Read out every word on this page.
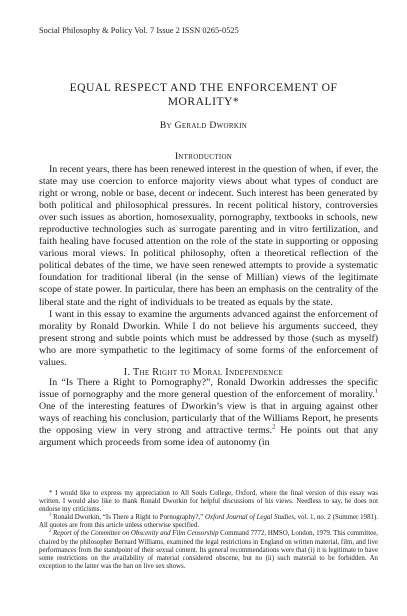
Social Philosophy & Policy Vol. 7 Issue 2 ISSN 0265-0525
EQUAL RESPECT AND THE ENFORCEMENT OF
MORALITY*
By Gerald Dworkin
Introduction

In recent years, there has been renewed interest in the question of when, if ever, the state may use coercion to enforce majority views about what types of conduct are right or wrong, noble or base, decent or indecent. Such interest has been generated by both political and philosophical pressures. In recent political history, controversies over such issues as abortion, homosexuality, pornography, textbooks in schools, new reproductive technologies such as surrogate parenting and in vitro fertilization, and faith healing have focused attention on the role of the state in supporting or opposing various moral views. In political philosophy, often a theoretical reflection of the political debates of the time, we have seen renewed attempts to provide a systematic foundation for traditional liberal (in the sense of Millian) views of the legitimate scope of state power. In particular, there has been an emphasis on the centrality of the liberal state and the right of individuals to be treated as equals by the state.

I want in this essay to examine the arguments advanced against the enforcement of morality by Ronald Dworkin. While I do not believe his arguments succeed, they present strong and subtle points which must be addressed by those (such as myself) who are more sympathetic to the legitimacy of some forms of the enforcement of values.

I. The Right to Moral Independence

In “Is There a Right to Pornography?”, Ronald Dworkin addresses the specific issue of pornography and the more general question of the enforcement of morality.$^1$ One of the interesting features of Dworkin’s view is that in arguing against other ways of reaching his conclusion, particularly that of the Williams Report, he presents the opposing view in very strong and attractive terms.$^2$ He points out that any argument which proceeds from some idea of autonomy (in

* I would like to express my appreciation to All Souls College, Oxford, where the final version of this essay was written. I would also like to thank Ronald Dworkin for helpful discussions of his views. Needless to say, he does not endorse my criticisms.

$^1$ Ronald Dworkin, “Is There a Right to Pornography?,” Oxford Journal of Legal Studies, vol. 1, no. 2 (Summer 1981). All quotes are from this article unless otherwise specified.

$^2$ Report of the Committee on Obscenity and Film Censorship Command 7772, HMSO, London, 1979. This committee, chaired by the philosopher Bernard Williams, examined the legal restrictions in England on written material, film, and live performances from the standpoint of their sexual content. Its general recommendations were that (i) it is legitimate to have some restrictions on the availability of material considered obscene, but no (ii) such material to be forbidden. An exception to the latter was the ban on live sex shows.
